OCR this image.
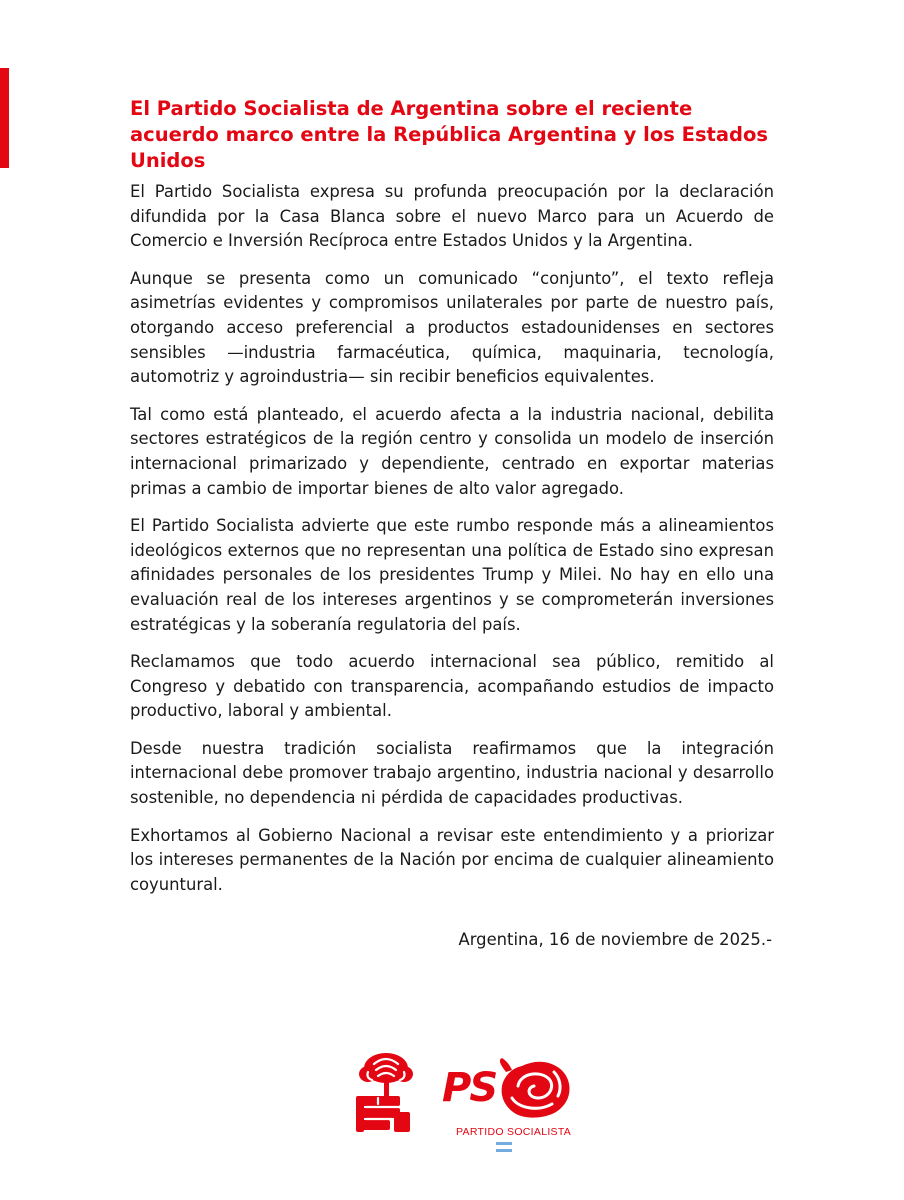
El Partido Socialista de Argentina sobre el reciente acuerdo marco entre la República Argentina y los Estados Unidos

El Partido Socialista expresa su profunda preocupación por la declaración difundida por la Casa Blanca sobre el nuevo Marco para un Acuerdo de Comercio e Inversión Recíproca entre Estados Unidos y la Argentina.

Aunque se presenta como un comunicado “conjunto”, el texto refleja asimetrías evidentes y compromisos unilaterales por parte de nuestro país, otorgando acceso preferencial a productos estadounidenses en sectores sensibles —industria farmacéutica, química, maquinaria, tecnología, automotriz y agroindustria— sin recibir beneficios equivalentes.

Tal como está planteado, el acuerdo afecta a la industria nacional, debilita sectores estratégicos de la región centro y consolida un modelo de inserción internacional primarizado y dependiente, centrado en exportar materias primas a cambio de importar bienes de alto valor agregado.

El Partido Socialista advierte que este rumbo responde más a alineamientos ideológicos externos que no representan una política de Estado sino expresan afinidades personales de los presidentes Trump y Milei. No hay en ello una evaluación real de los intereses argentinos y se comprometerán inversiones estratégicas y la soberanía regulatoria del país.

Reclamamos que todo acuerdo internacional sea público, remitido al Congreso y debatido con transparencia, acompañando estudios de impacto productivo, laboral y ambiental.

Desde nuestra tradición socialista reafirmamos que la integración internacional debe promover trabajo argentino, industria nacional y desarrollo sostenible, no dependencia ni pérdida de capacidades productivas.

Exhortamos al Gobierno Nacional a revisar este entendimiento y a priorizar los intereses permanentes de la Nación por encima de cualquier alineamiento coyuntural.

Argentina, 16 de noviembre de 2025.-
PS
PARTIDO SOCIALISTA
